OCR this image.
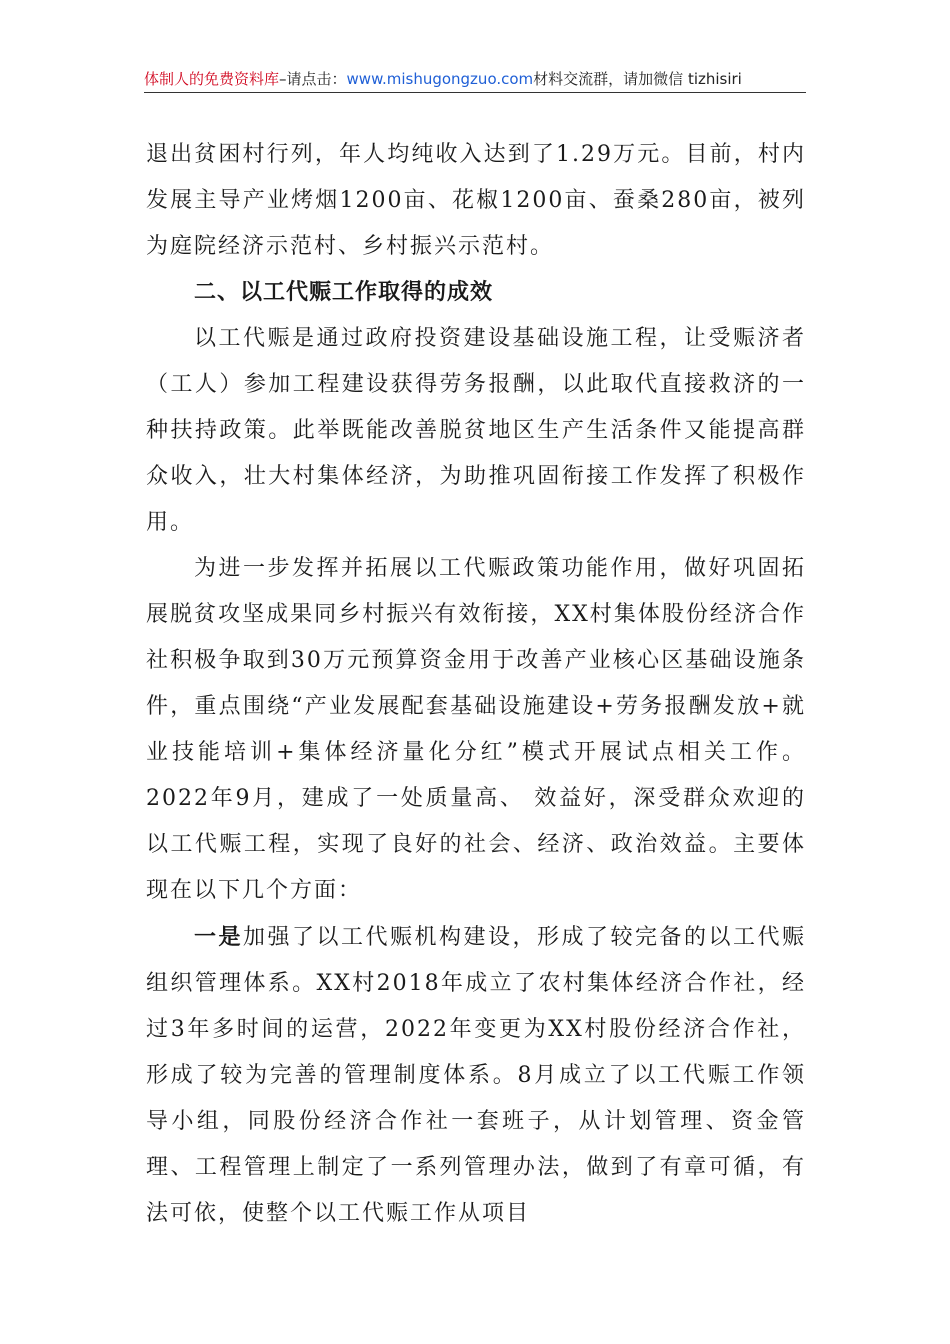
体制人的免费资料库–请点击：www.mishugongzuo.com材料交流群，请加微信 tizhisiri

退出贫困村行列，年人均纯收入达到了1.29万元。目前，村内发展主导产业烤烟1200亩、花椒1200亩、蚕桑280亩，被列为庭院经济示范村、乡村振兴示范村。

二、以工代赈工作取得的成效

以工代赈是通过政府投资建设基础设施工程，让受赈济者（工人）参加工程建设获得劳务报酬，以此取代直接救济的一种扶持政策。此举既能改善脱贫地区生产生活条件又能提高群众收入，壮大村集体经济，为助推巩固衔接工作发挥了积极作用。

为进一步发挥并拓展以工代赈政策功能作用，做好巩固拓展脱贫攻坚成果同乡村振兴有效衔接，XX村集体股份经济合作社积极争取到30万元预算资金用于改善产业核心区基础设施条件，重点围绕“产业发展配套基础设施建设+劳务报酬发放+就业技能培训+集体经济量化分红”模式开展试点相关工作。2022年9月，建成了一处质量高、 效益好，深受群众欢迎的以工代赈工程，实现了良好的社会、经济、政治效益。主要体现在以下几个方面：

一是加强了以工代赈机构建设，形成了较完备的以工代赈组织管理体系。XX村2018年成立了农村集体经济合作社，经过3年多时间的运营，2022年变更为XX村股份经济合作社，形成了较为完善的管理制度体系。8月成立了以工代赈工作领导小组，同股份经济合作社一套班子，从计划管理、资金管理、工程管理上制定了一系列管理办法，做到了有章可循，有法可依，使整个以工代赈工作从项目
